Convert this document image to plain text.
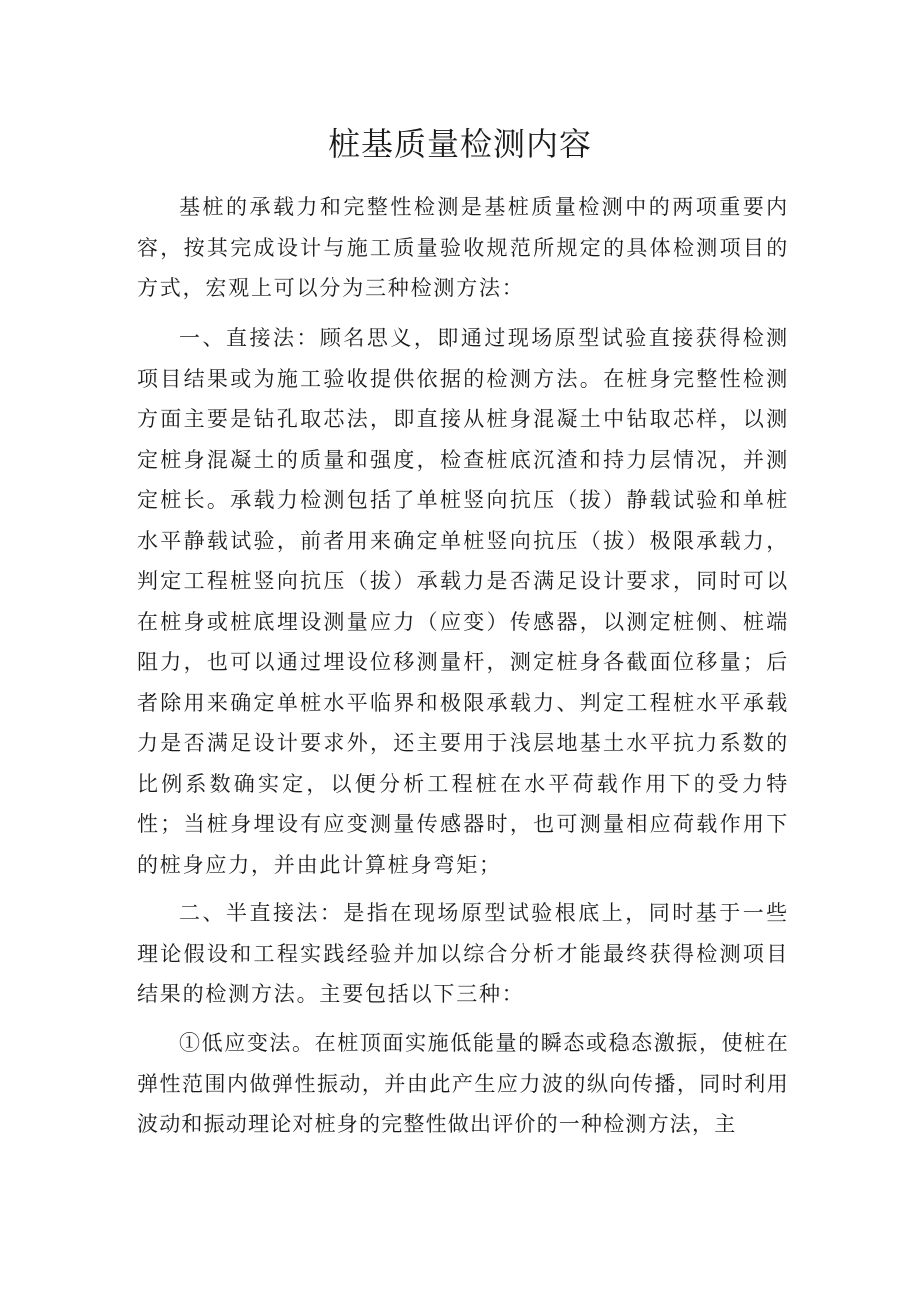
桩基质量检测内容

基桩的承载力和完整性检测是基桩质量检测中的两项重要内容，按其完成设计与施工质量验收规范所规定的具体检测项目的方式，宏观上可以分为三种检测方法：

一、直接法：顾名思义，即通过现场原型试验直接获得检测项目结果或为施工验收提供依据的检测方法。在桩身完整性检测方面主要是钻孔取芯法，即直接从桩身混凝土中钻取芯样，以测定桩身混凝土的质量和强度，检查桩底沉渣和持力层情况，并测定桩长。承载力检测包括了单桩竖向抗压（拔）静载试验和单桩水平静载试验，前者用来确定单桩竖向抗压（拔）极限承载力，判定工程桩竖向抗压（拔）承载力是否满足设计要求，同时可以在桩身或桩底埋设测量应力（应变）传感器，以测定桩侧、桩端阻力，也可以通过埋设位移测量杆，测定桩身各截面位移量；后者除用来确定单桩水平临界和极限承载力、判定工程桩水平承载力是否满足设计要求外，还主要用于浅层地基土水平抗力系数的比例系数确实定，以便分析工程桩在水平荷载作用下的受力特性；当桩身埋设有应变测量传感器时，也可测量相应荷载作用下的桩身应力，并由此计算桩身弯矩；

二、半直接法：是指在现场原型试验根底上，同时基于一些理论假设和工程实践经验并加以综合分析才能最终获得检测项目结果的检测方法。主要包括以下三种：

①低应变法。在桩顶面实施低能量的瞬态或稳态激振，使桩在弹性范围内做弹性振动，并由此产生应力波的纵向传播，同时利用波动和振动理论对桩身的完整性做出评价的一种检测方法，主
